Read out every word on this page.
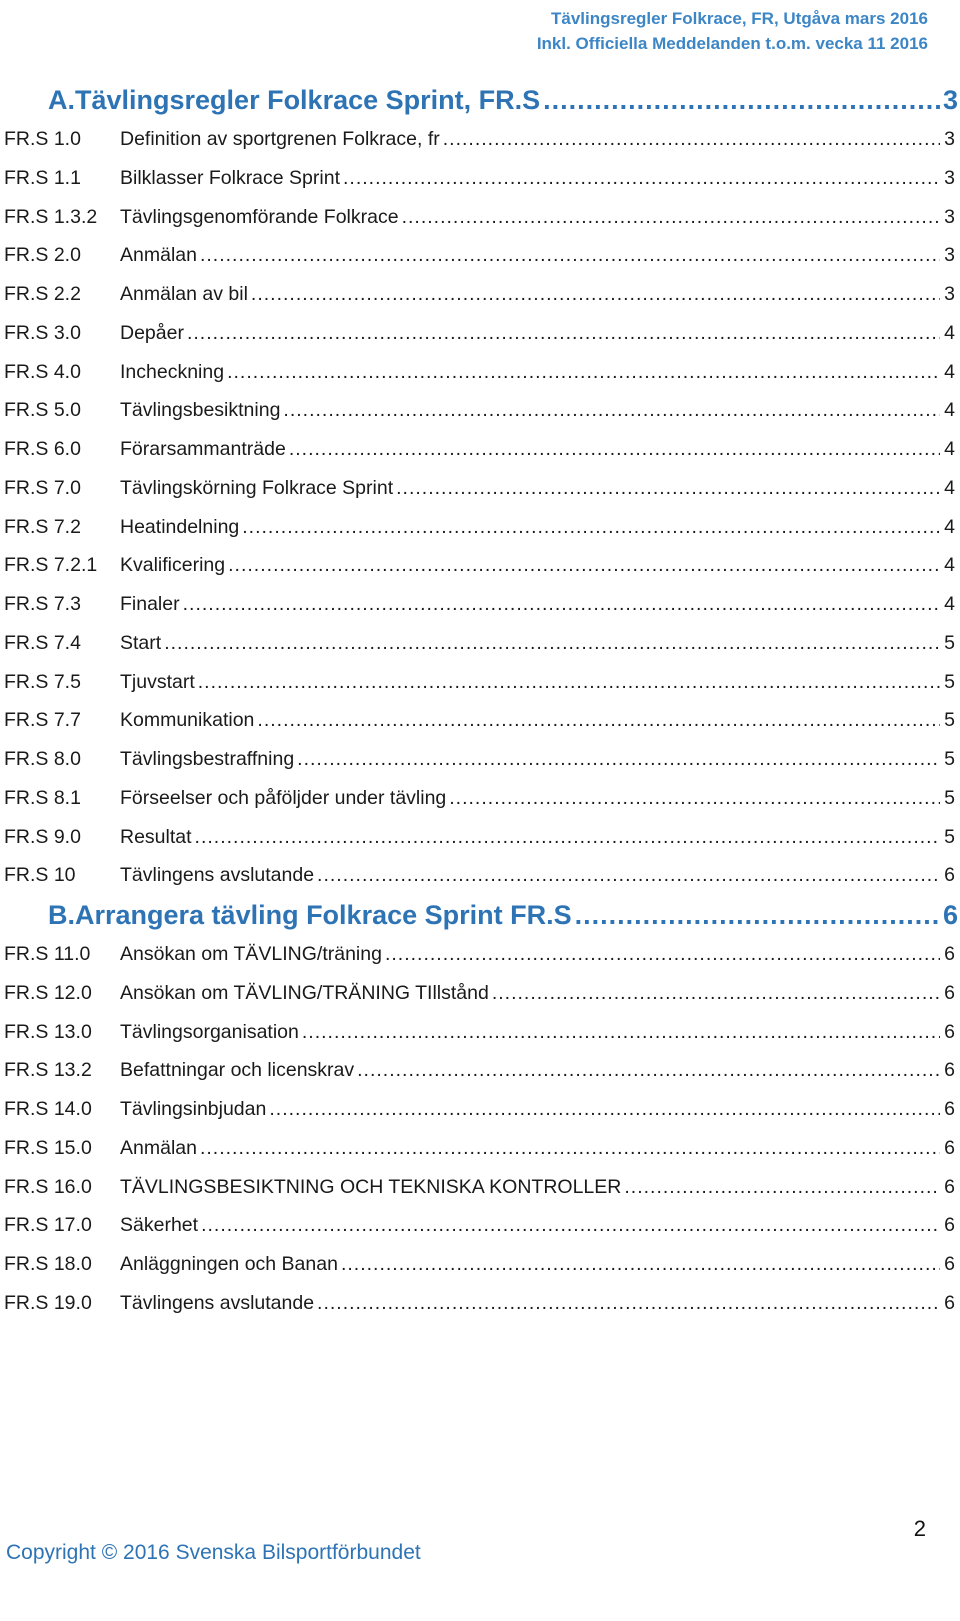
Tävlingsregler Folkrace, FR, Utgåva mars 2016
Inkl. Officiella Meddelanden t.o.m. vecka 11 2016
A. Tävlingsregler Folkrace Sprint, FR.S .....	3
FR.S 1.0	Definition av sportgrenen Folkrace, fr .....	3
FR.S 1.1	Bilklasser Folkrace Sprint .....	3
FR.S 1.3.2	Tävlingsgenomförande Folkrace .....	3
FR.S 2.0	Anmälan .....	3
FR.S 2.2	Anmälan av bil .....	3
FR.S 3.0	Depåer .....	4
FR.S 4.0	Incheckning .....	4
FR.S 5.0	Tävlingsbesiktning .....	4
FR.S 6.0	Förarsammanträde .....	4
FR.S 7.0	Tävlingskörning Folkrace Sprint .....	4
FR.S 7.2	Heatindelning .....	4
FR.S 7.2.1	Kvalificering .....	4
FR.S 7.3	Finaler .....	4
FR.S 7.4	Start .....	5
FR.S 7.5	Tjuvstart .....	5
FR.S 7.7	Kommunikation .....	5
FR.S 8.0	Tävlingsbestraffning .....	5
FR.S 8.1	Förseelser och påföljder under tävling .....	5
FR.S 9.0	Resultat .....	5
FR.S 10	Tävlingens avslutande .....	6
B. Arrangera tävling Folkrace Sprint FR.S .....	6
FR.S 11.0	Ansökan om TÄVLING/träning .....	6
FR.S 12.0	Ansökan om TÄVLING/TRÄNING TIllstånd .....	6
FR.S 13.0	Tävlingsorganisation .....	6
FR.S 13.2	Befattningar och licenskrav .....	6
FR.S 14.0	Tävlingsinbjudan .....	6
FR.S 15.0	Anmälan .....	6
FR.S 16.0	TÄVLINGSBESIKTNING OCH TEKNISKA KONTROLLER .....	6
FR.S 17.0	Säkerhet .....	6
FR.S 18.0	Anläggningen och Banan .....	6
FR.S 19.0	Tävlingens avslutande .....	6
2
Copyright © 2016 Svenska Bilsportförbundet
